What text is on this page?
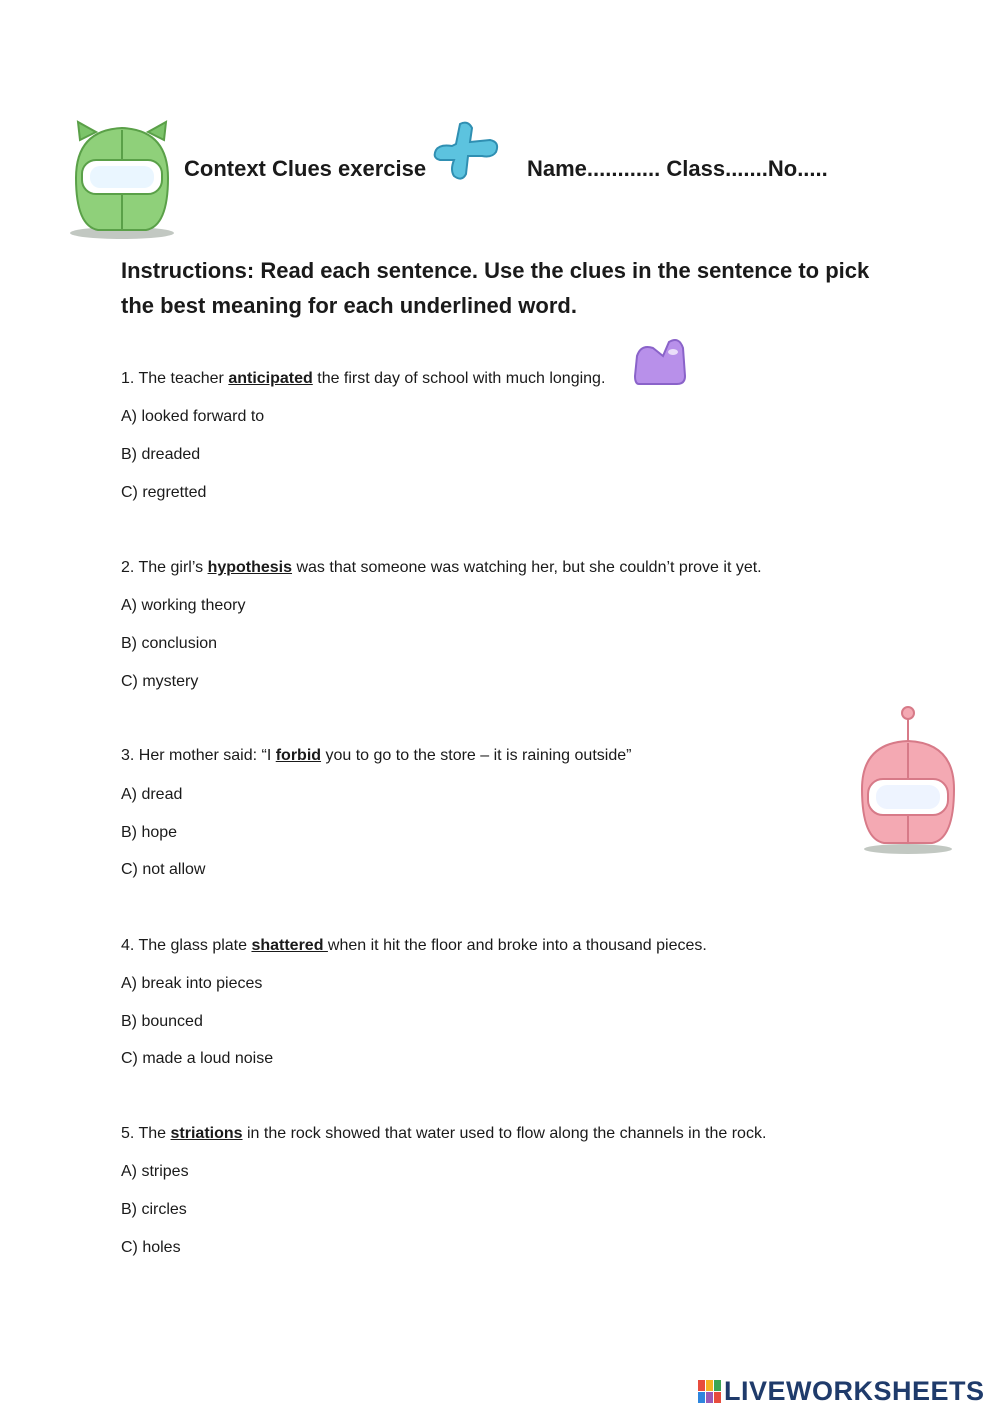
Context Clues exercise	Name............ Class.......No.....
Instructions: Read each sentence. Use the clues in the sentence to pick the best meaning for each underlined word.
1. The teacher anticipated the first day of school with much longing.
A) looked forward to
B) dreaded
C) regretted
2. The girl’s hypothesis was that someone was watching her, but she couldn’t prove it yet.
A) working theory
B) conclusion
C) mystery
3. Her mother said: “I forbid you to go to the store – it is raining outside”
A) dread
B) hope
C) not allow
4. The glass plate shattered when it hit the floor and broke into a thousand pieces.
A) break into pieces
B) bounced
C) made a loud noise
5. The striations in the rock showed that water used to flow along the channels in the rock.
A) stripes
B) circles
C) holes
LIVEWORKSHEETS
